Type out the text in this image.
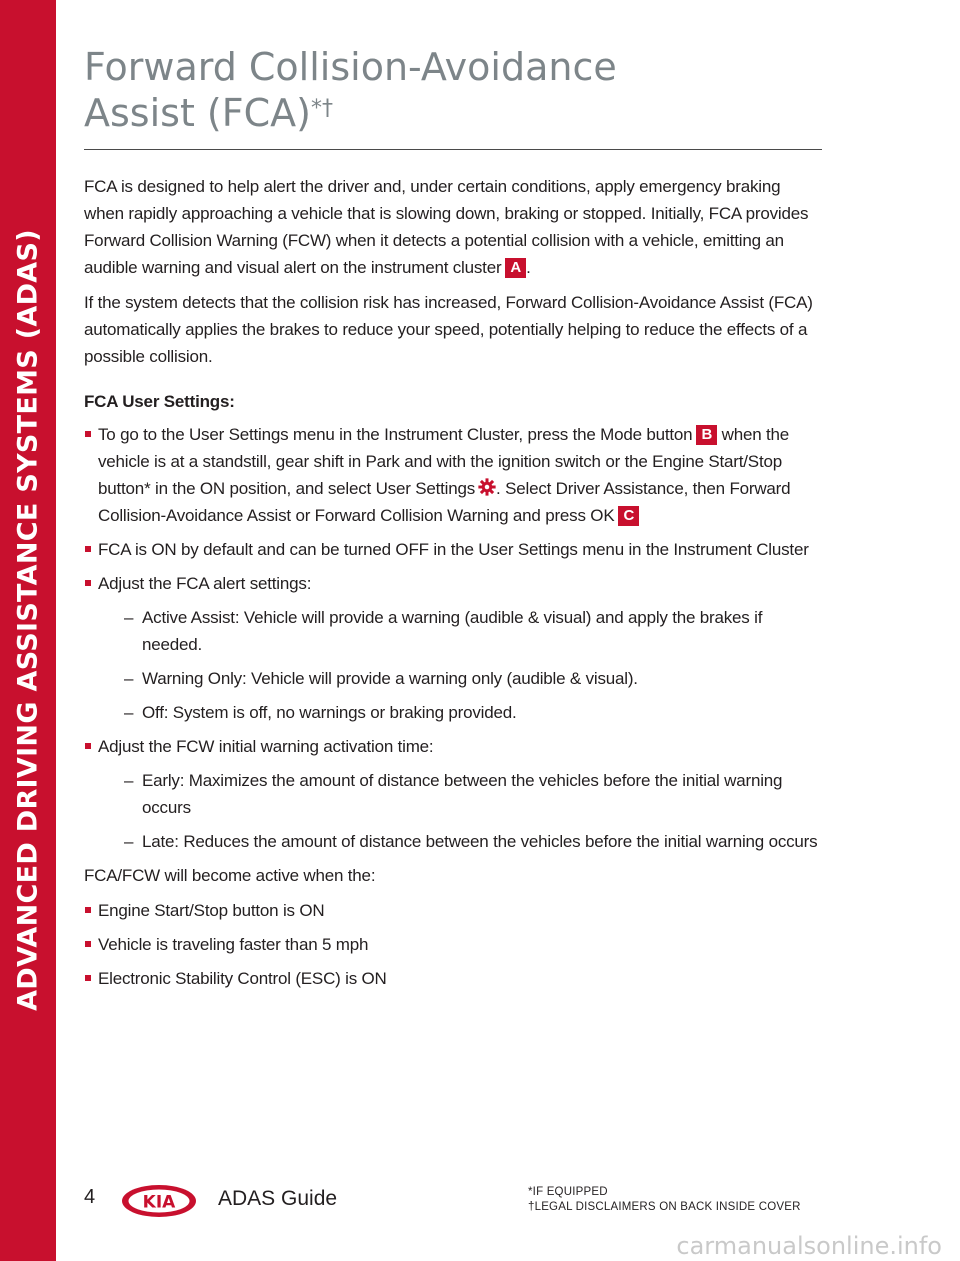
ADVANCED DRIVING ASSISTANCE SYSTEMS (ADAS)
Forward Collision-Avoidance
Assist (FCA)*†

FCA is designed to help alert the driver and, under certain conditions, apply emergency braking when rapidly approaching a vehicle that is slowing down, braking or stopped. Initially, FCA provides Forward Collision Warning (FCW) when it detects a potential collision with a vehicle, emitting an audible warning and visual alert on the instrument cluster A .

If the system detects that the collision risk has increased, Forward Collision-Avoidance Assist (FCA) automatically applies the brakes to reduce your speed, potentially helping to reduce the effects of a possible collision.

FCA User Settings:

To go to the User Settings menu in the Instrument Cluster, press the Mode button B when the vehicle is at a standstill, gear shift in Park and with the ignition switch or the Engine Start/Stop button* in the ON position, and select User Settings . Select Driver Assistance, then Forward Collision-Avoidance Assist or Forward Collision Warning and press OK C
FCA is ON by default and can be turned OFF in the User Settings menu in the Instrument Cluster
Adjust the FCA alert settings:
– Active Assist: Vehicle will provide a warning (audible & visual) and apply the brakes if needed.
– Warning Only: Vehicle will provide a warning only (audible & visual).
– Off: System is off, no warnings or braking provided.
Adjust the FCW initial warning activation time:
– Early: Maximizes the amount of distance between the vehicles before the initial warning occurs
– Late: Reduces the amount of distance between the vehicles before the initial warning occurs

FCA/FCW will become active when the:

Engine Start/Stop button is ON
Vehicle is traveling faster than 5 mph
Electronic Stability Control (ESC) is ON
4	KIA ADAS Guide	*IF EQUIPPED
†LEGAL DISCLAIMERS ON BACK INSIDE COVER
carmanualsonline.info
